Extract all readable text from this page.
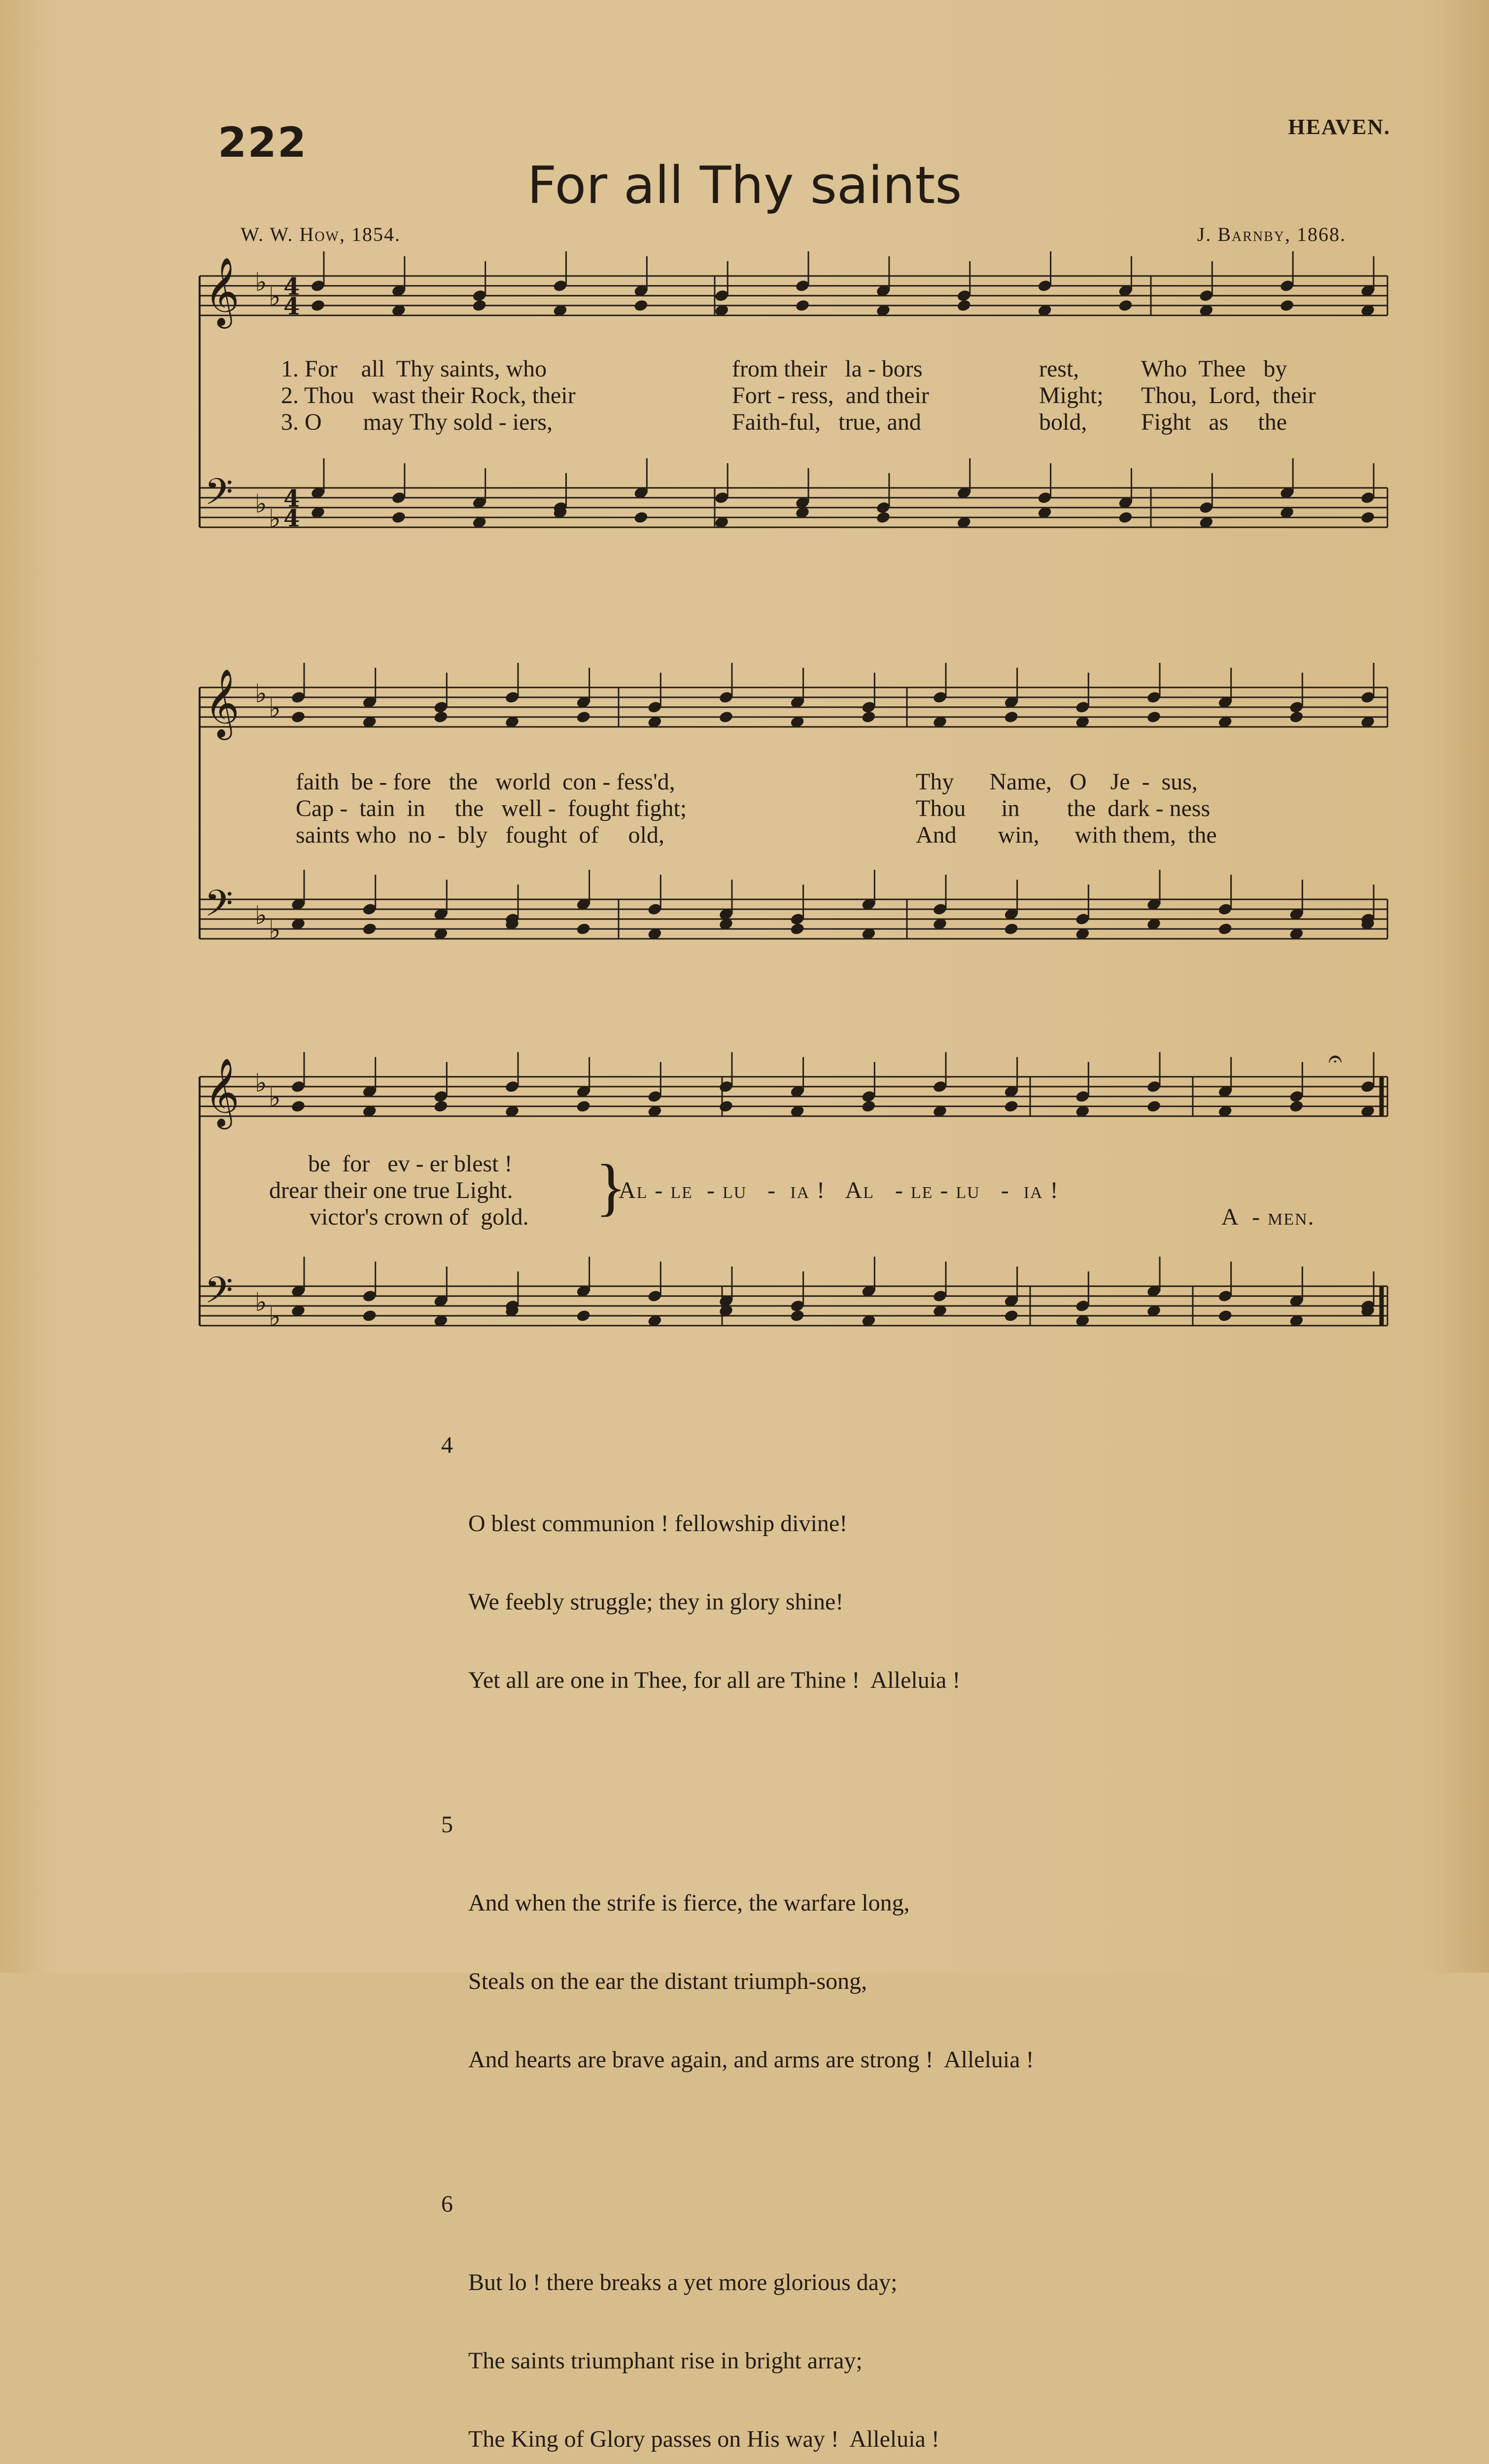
222	HEAVEN.
For all Thy saints
W. W. How, 1854.	J. Barnby, 1868.
𝄞 ♭ ♭ 4
4
𝄢 ♭ ♭
4
4
𝄞 ♭ ♭
𝄢 ♭ ♭
𝄞 ♭ ♭
𝄢 ♭ ♭
𝄐
1. For    all  Thy saints, who
2. Thou   wast their Rock, their
3. O       may Thy sold - iers,
from their   la - bors
Fort - ress,  and their
Faith-ful,   true, and
rest,
Might;
bold,
Who  Thee   by
Thou,  Lord,  their
Fight   as     the
faith  be - fore   the   world  con - fess'd,
Cap -  tain  in     the   well -  fought fight;
saints who  no -  bly   fought  of     old,
Thy      Name,   O    Je  -  sus,
Thou      in        the  dark - ness
And       win,      with them,  the
be  for   ev - er blest !
drear their one true Light.
victor's crown of  gold. }
Al - le  - lu   -  ia !   Al   - le - lu   -  ia !
A  - men.

4

O blest communion ! fellowship divine!

We feebly struggle; they in glory shine!

Yet all are one in Thee, for all are Thine !  Alleluia !

5

And when the strife is fierce, the warfare long,

Steals on the ear the distant triumph-song,

And hearts are brave again, and arms are strong !  Alleluia !

6

But lo ! there breaks a yet more glorious day;

The saints triumphant rise in bright array;

The King of Glory passes on His way !  Alleluia !
